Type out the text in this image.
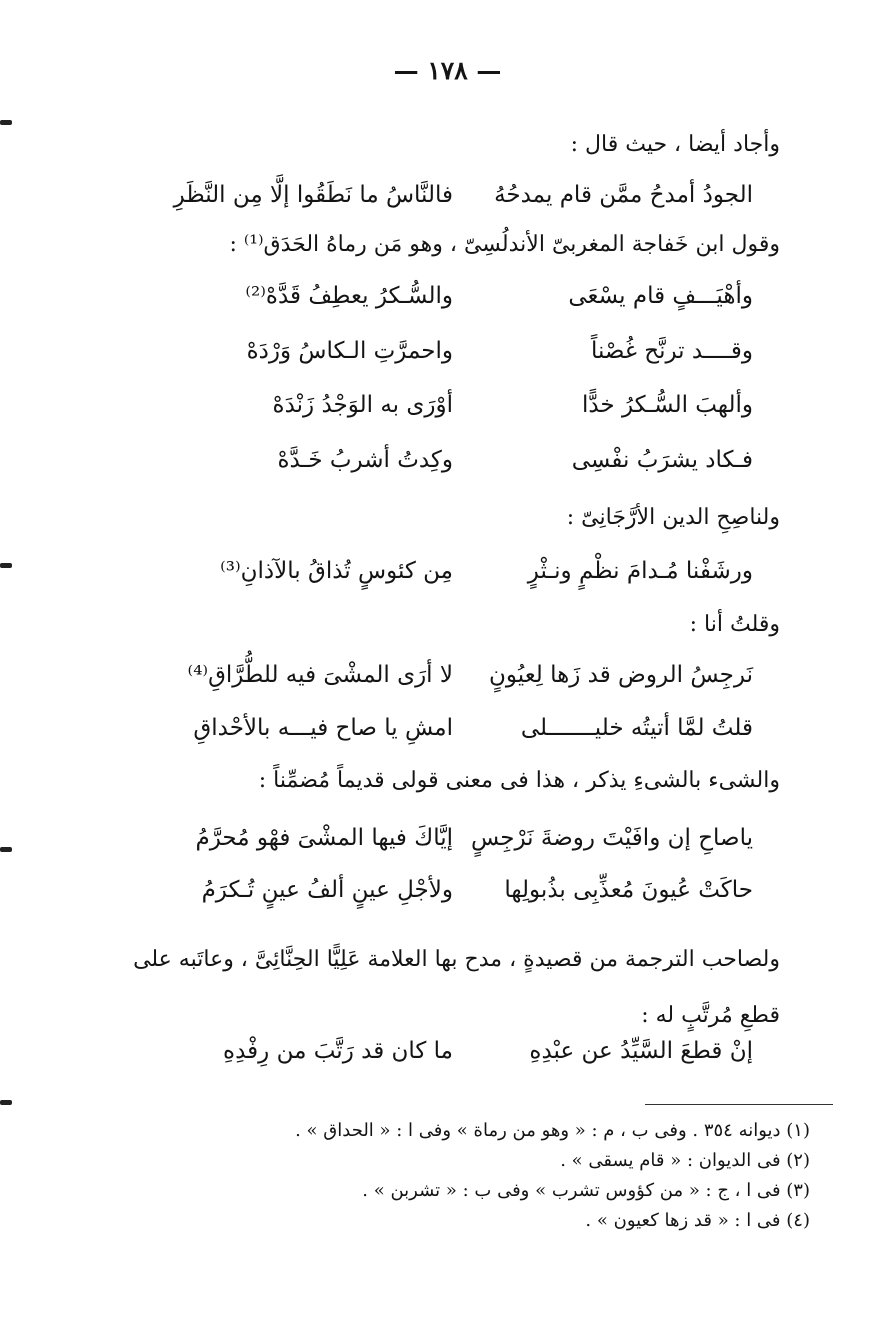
— ١٧٨ —
وأجاد أيضا ، حيث قال :
الجودُ أمدحُ ممَّن قام يمدحُهُ
فالنَّاسُ ما نَطَقُوا إلَّا مِن النَّظَرِ
وقول ابن خَفاجة المغربىّ الأندلُسِىّ ، وهو مَن رماهُ الحَدَق⁽¹⁾ :
وأهْيَـــفٍ قام يسْعَى
والسُّـكرُ يعطِفُ قَدَّهْ⁽²⁾
وقــــد ترنَّح غُصْناً
واحمرَّتِ الـكاسُ وَرْدَهْ
وألهبَ السُّـكرُ خدًّا
أوْرَى به الوَجْدُ زَنْدَهْ
فـكاد يشرَبُ نفْسِى
وكِدتُ أشربُ خَـدَّهْ
ولناصِحِ الدين الأرَّجَانِىّ :
ورشَفْنا مُـدامَ نظْمٍ ونـثْرٍ
مِن كئوسٍ تُذاقُ بالآذانِ⁽³⁾
وقلتُ أنا :
نَرجِسُ الروض قد زَها لِعيُونٍ
لا أرَى المشْىَ فيه للطُّرَّاقِ⁽⁴⁾
قلتُ لمَّا أتيتُه خليـــــــلى
امشِ يا صاح فيـــه بالأحْداقِ
والشىء بالشىءِ يذكر ، هذا فى معنى قولى قديماً مُضمِّناً :
ياصاحِ إن وافَيْتَ روضةَ نَرْجِسٍ
إيَّاكَ فيها المشْىَ فهْو مُحرَّمُ
حاكَتْ عُيونَ مُعذِّبِى بذُبولِها
ولأجْلِ عينٍ ألفُ عينٍ تُـكرَمُ
ولصاحب الترجمة من قصيدةٍ ، مدح بها العلامة عَلِيًّا الحِنَّائِىَّ ، وعاتَبه على قطعِ مُرتَّبٍ له :
إنْ قطعَ السَّيِّدُ عن عبْدِهِ
ما كان قد رَتَّبَ من رِفْدِهِ
(١) ديوانه ٣٥٤ . وفى ب ، م : « وهو من رماة » وفى ا : « الحداق » .
(٢) فى الديوان : « قام يسقى » .
(٣) فى ا ، ج : « من كؤوس تشرب » وفى ب : « تشربن » .
(٤) فى ا : « قد زها كعيون » .
